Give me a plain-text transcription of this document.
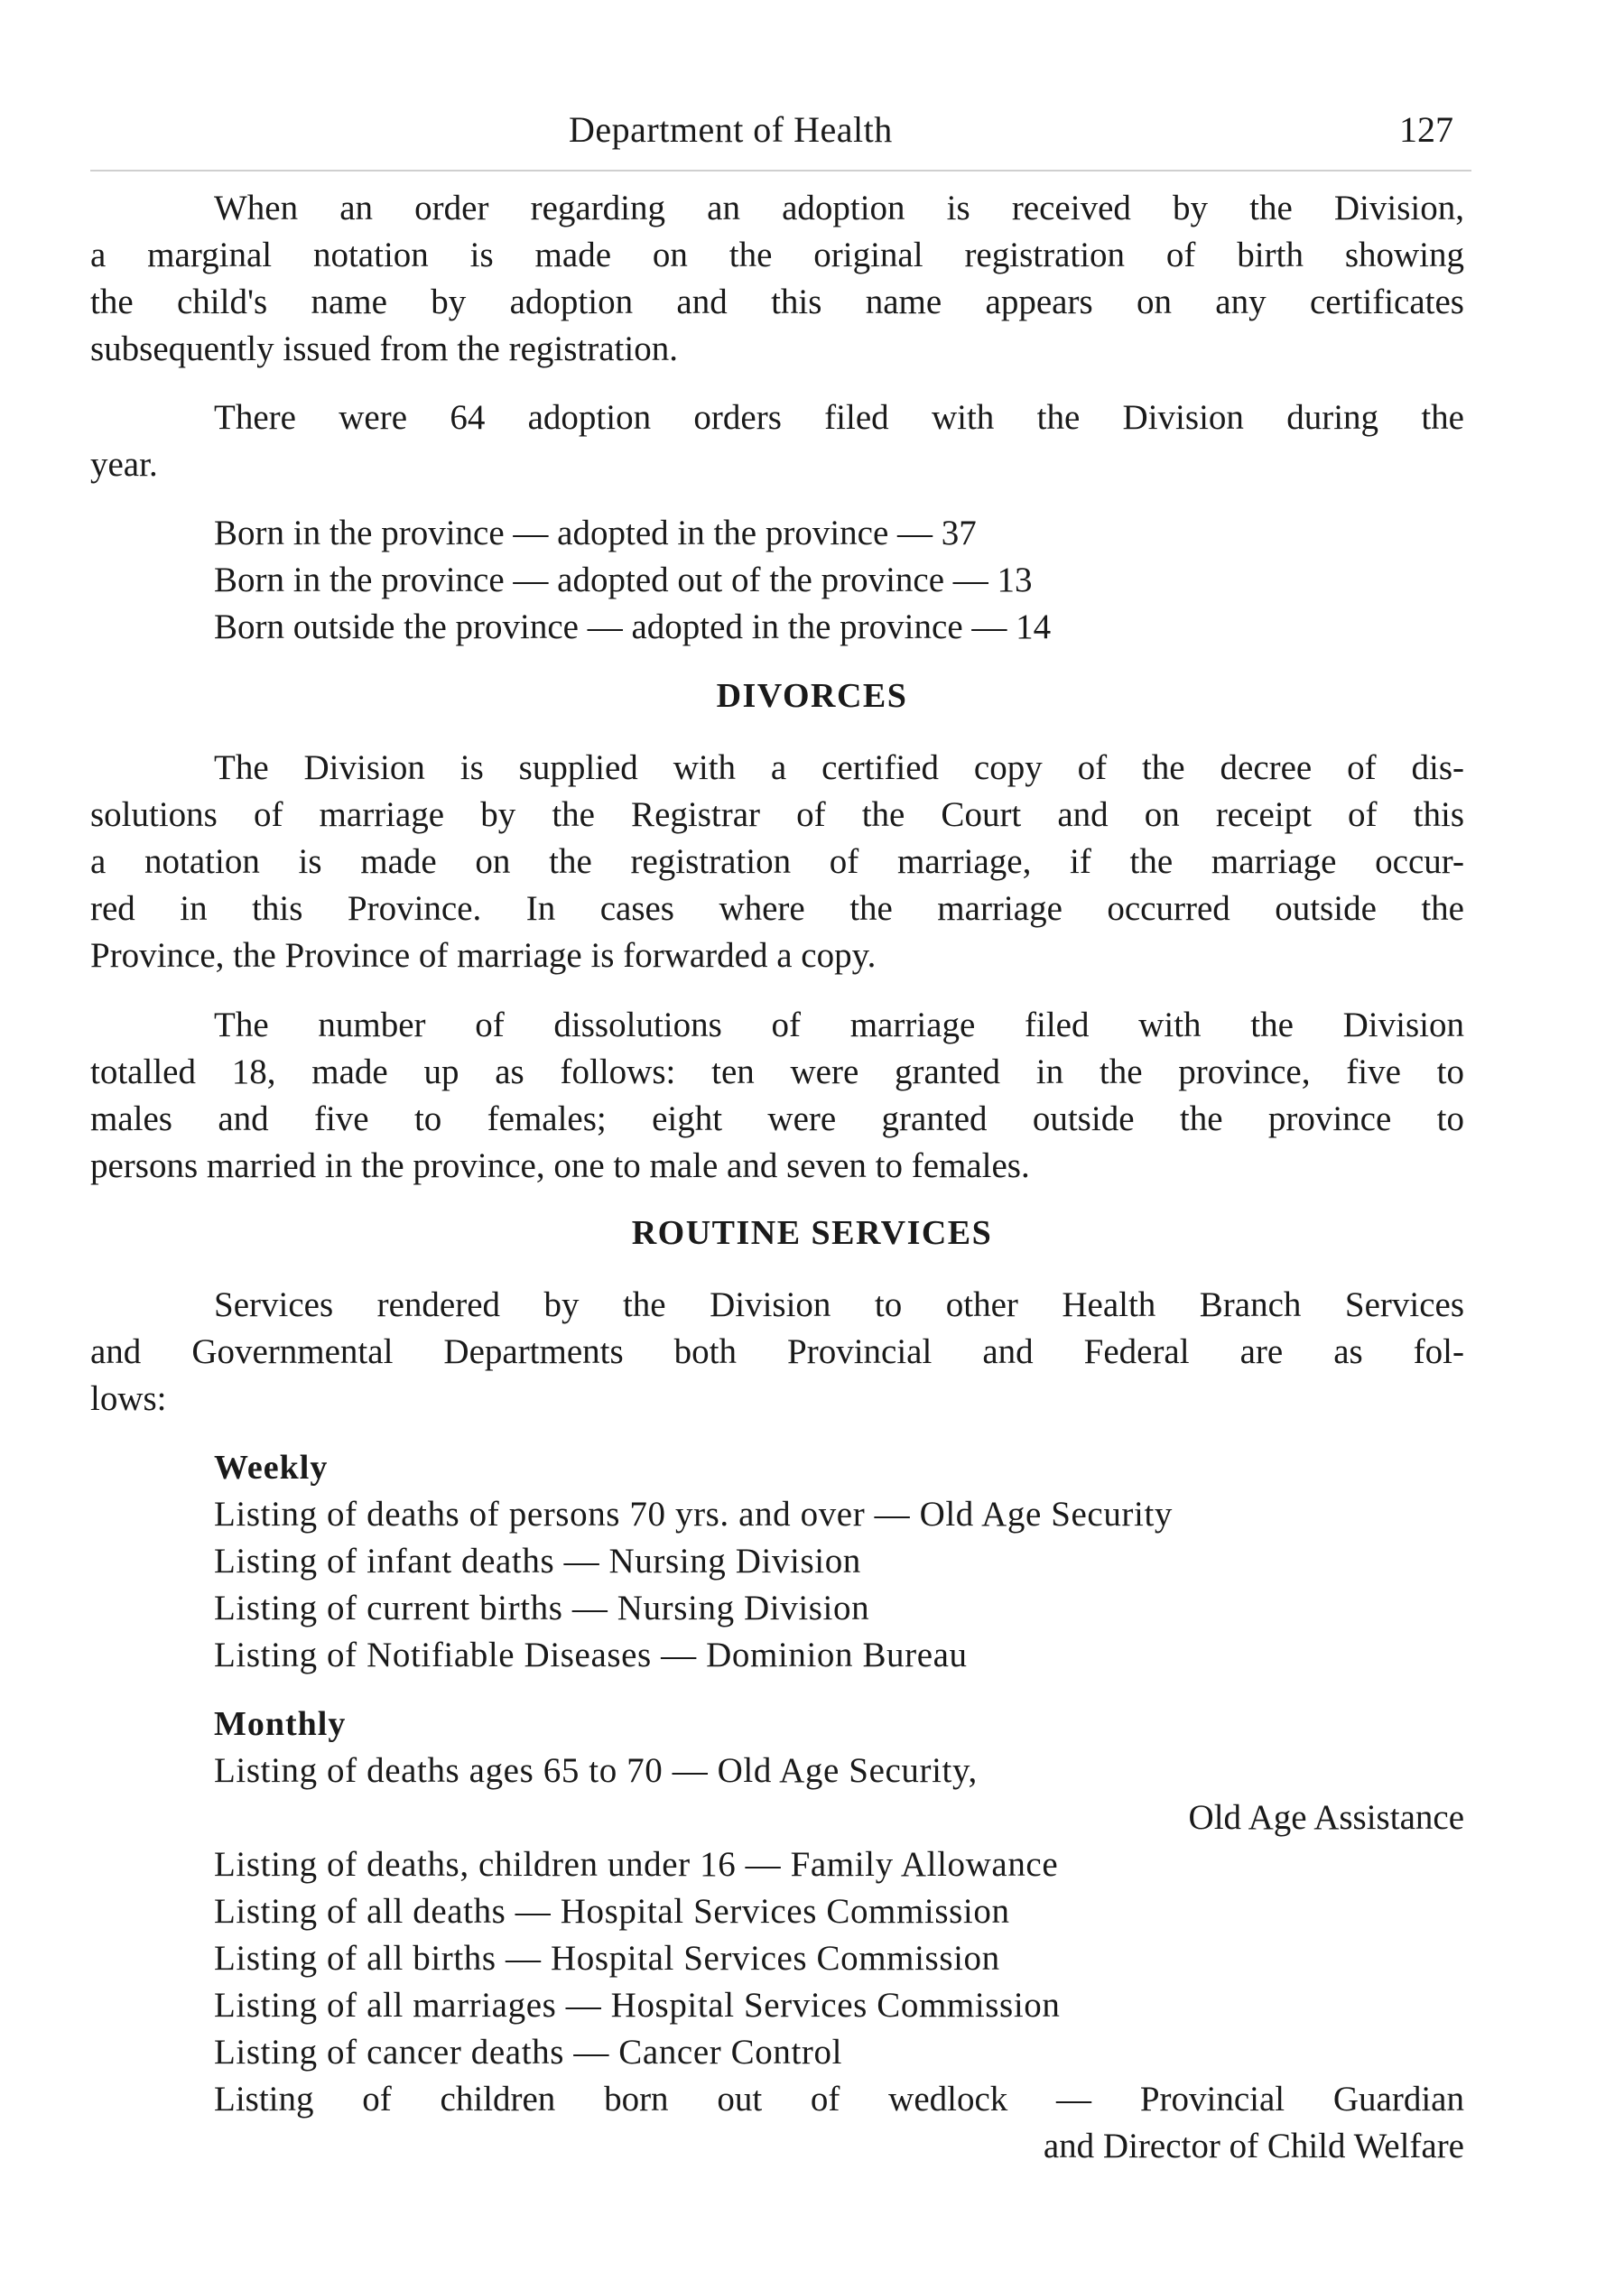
Department of Health	127
When an order regarding an adoption is received by the Division,
a marginal notation is made on the original registration of birth showing
the child's name by adoption and this name appears on any certificates
subsequently issued from the registration.
There were 64 adoption orders filed with the Division during the
year.
Born in the province — adopted in the province — 37
Born in the province — adopted out of the province — 13
Born outside the province — adopted in the province — 14
DIVORCES
The Division is supplied with a certified copy of the decree of dis-
solutions of marriage by the Registrar of the Court and on receipt of this
a notation is made on the registration of marriage, if the marriage occur-
red in this Province. In cases where the marriage occurred outside the
Province, the Province of marriage is forwarded a copy.
The number of dissolutions of marriage filed with the Division
totalled 18, made up as follows: ten were granted in the province, five to
males and five to females; eight were granted outside the province to
persons married in the province, one to male and seven to females.
ROUTINE SERVICES
Services rendered by the Division to other Health Branch Services
and Governmental Departments both Provincial and Federal are as fol-
lows:
Weekly
Listing of deaths of persons 70 yrs. and over — Old Age Security
Listing of infant deaths — Nursing Division
Listing of current births — Nursing Division
Listing of Notifiable Diseases — Dominion Bureau
Monthly
Listing of deaths ages 65 to 70 — Old Age Security,
Old Age Assistance
Listing of deaths, children under 16 — Family Allowance
Listing of all deaths — Hospital Services Commission
Listing of all births — Hospital Services Commission
Listing of all marriages — Hospital Services Commission
Listing of cancer deaths — Cancer Control
Listing of children born out of wedlock — Provincial Guardian
and Director of Child Welfare
